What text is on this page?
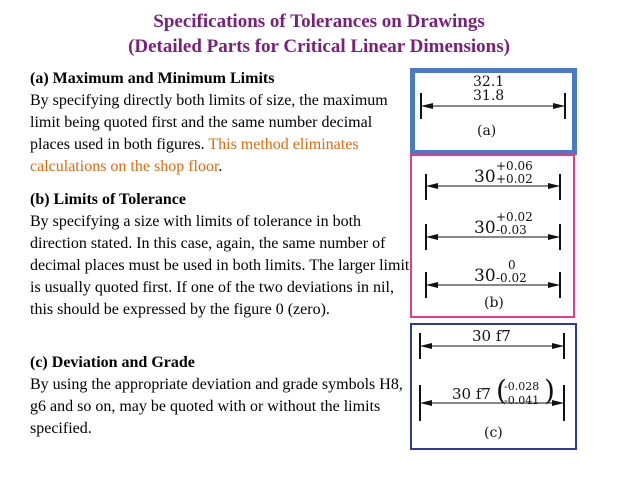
Specifications of Tolerances on Drawings
(Detailed Parts for Critical Linear Dimensions)
(a) Maximum and Minimum Limits
By specifying directly both limits of size, the maximum limit being quoted first and the same number decimal places used in both figures. This method eliminates calculations on the shop floor.
(b) Limits of Tolerance
By specifying a size with limits of tolerance in both direction stated. In this case, again, the same number of decimal places must be used in both limits. The larger limit is usually quoted first. If one of the two deviations in nil, this should be expressed by the figure 0 (zero).
(c) Deviation and Grade
By using the appropriate deviation and grade symbols H8, g6 and so on, may be quoted with or without the limits specified.
32.1
31.8
(a)
30
+0.06
+0.02
30
+0.02
-0.03
30
0
-0.02
(b)
30 f7
30 f7 ( )
-0.028
-0.041
(c)
